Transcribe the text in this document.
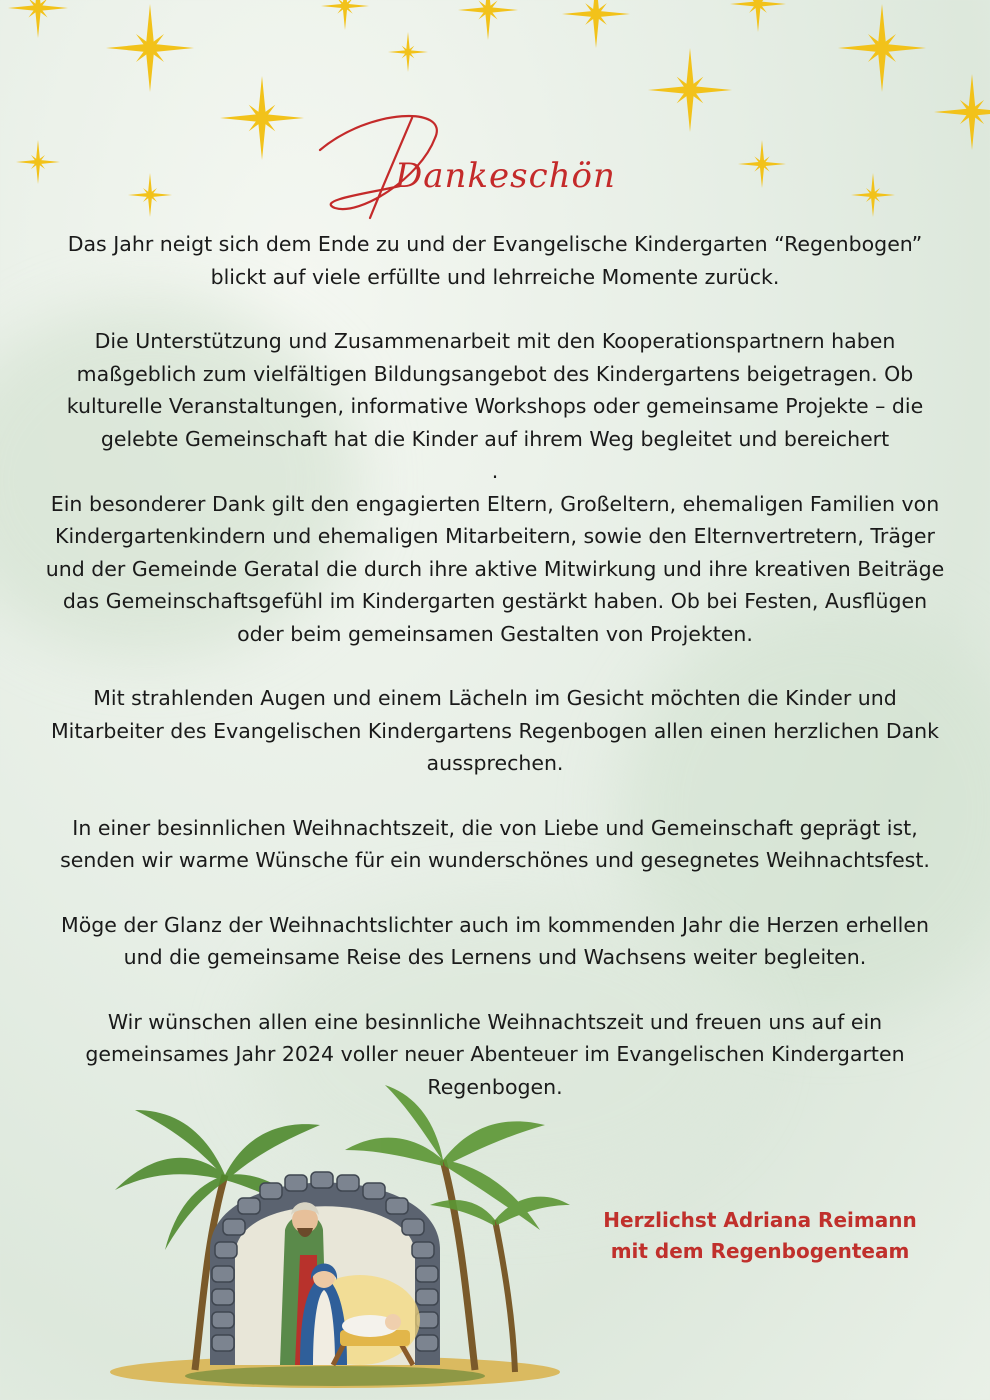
Dankeschön

Das Jahr neigt sich dem Ende zu und der Evangelische Kindergarten “Regenbogen”

blickt auf viele erfüllte und lehrreiche Momente zurück.

Die Unterstützung und Zusammenarbeit mit den Kooperationspartnern haben

maßgeblich zum vielfältigen Bildungsangebot des Kindergartens beigetragen. Ob

kulturelle Veranstaltungen, informative Workshops oder gemeinsame Projekte – die

gelebte Gemeinschaft hat die Kinder auf ihrem Weg begleitet und bereichert

.

Ein besonderer Dank gilt den engagierten Eltern, Großeltern, ehemaligen Familien von

Kindergartenkindern und ehemaligen Mitarbeitern, sowie den Elternvertretern, Träger

und der Gemeinde Geratal die durch ihre aktive Mitwirkung und ihre kreativen Beiträge

das Gemeinschaftsgefühl im Kindergarten gestärkt haben. Ob bei Festen, Ausflügen

oder beim gemeinsamen Gestalten von Projekten.

Mit strahlenden Augen und einem Lächeln im Gesicht möchten die Kinder und

Mitarbeiter des Evangelischen Kindergartens Regenbogen allen einen herzlichen Dank

aussprechen.

In einer besinnlichen Weihnachtszeit, die von Liebe und Gemeinschaft geprägt ist,

senden wir warme Wünsche für ein wunderschönes und gesegnetes Weihnachtsfest.

Möge der Glanz der Weihnachtslichter auch im kommenden Jahr die Herzen erhellen

und die gemeinsame Reise des Lernens und Wachsens weiter begleiten.

Wir wünschen allen eine besinnliche Weihnachtszeit und freuen uns auf ein

gemeinsames Jahr 2024 voller neuer Abenteuer im Evangelischen Kindergarten

Regenbogen.

Herzlichst Adriana Reimann
mit dem Regenbogenteam
